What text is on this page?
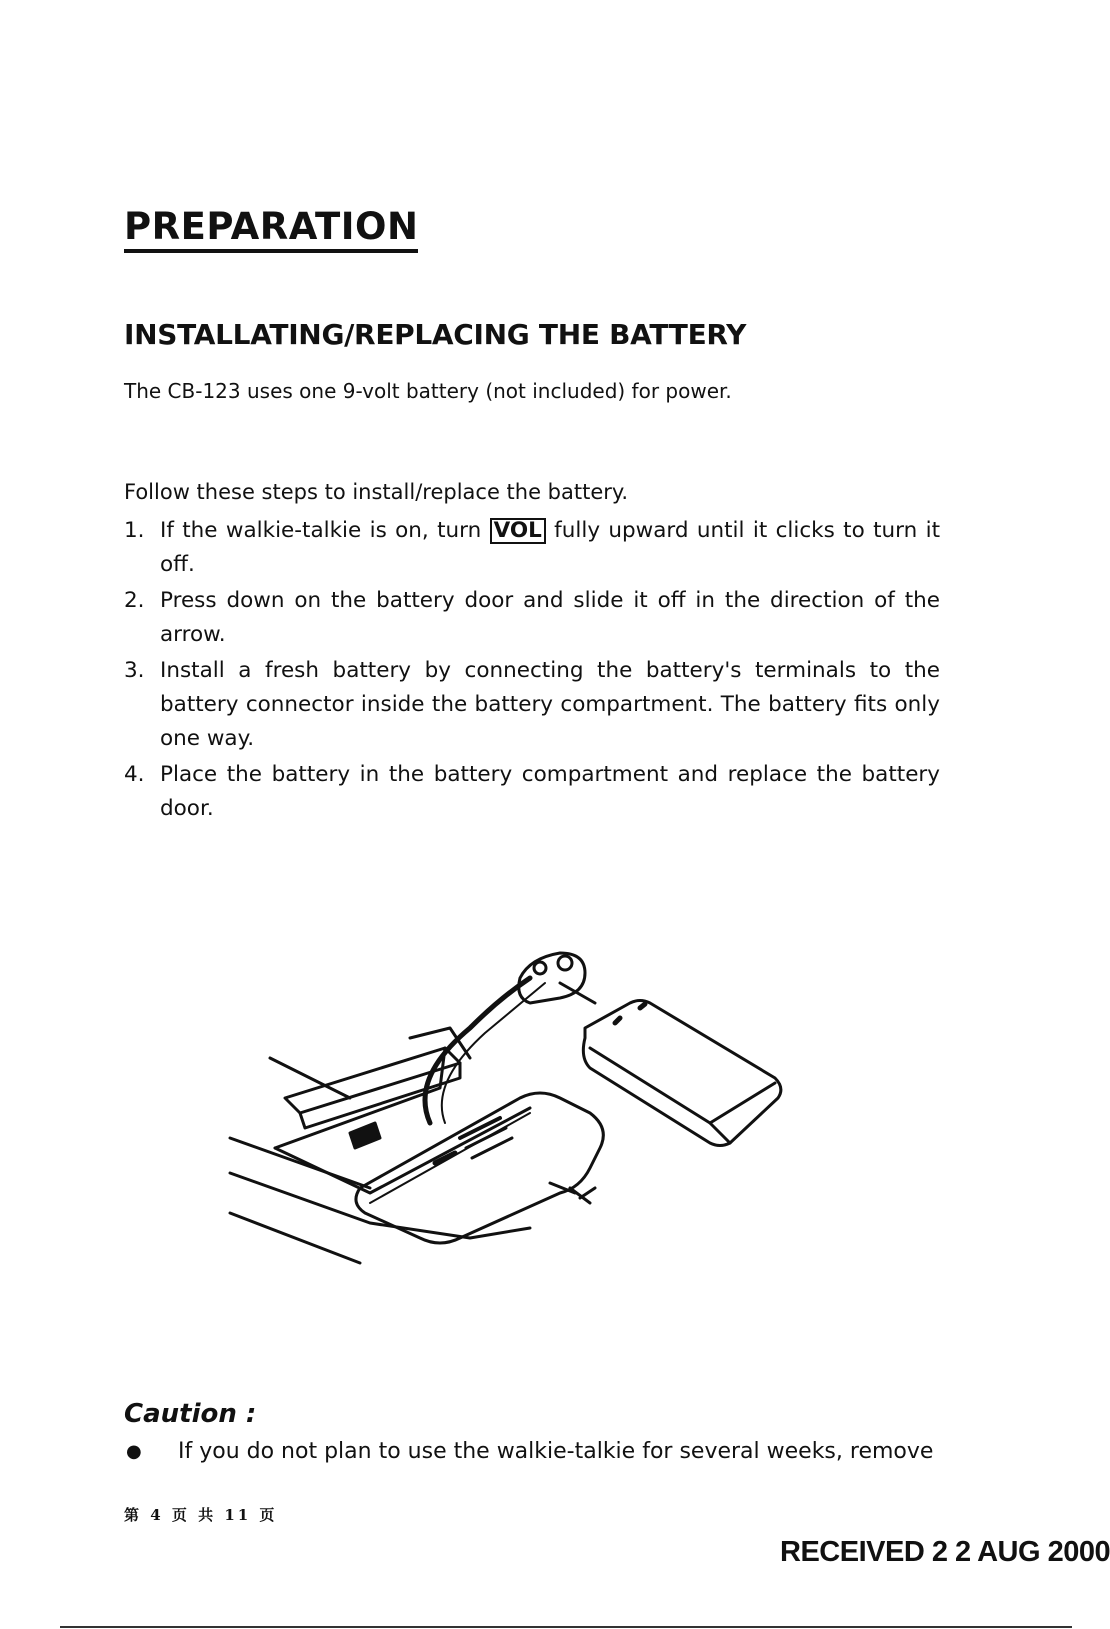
PREPARATION
INSTALLATING/REPLACING THE BATTERY
The CB-123 uses one 9-volt battery (not included) for power.
Follow these steps to install/replace the battery.
1. If the walkie-talkie is on, turn VOL fully upward until it clicks to turn it off.
2. Press down on the battery door and slide it off in the direction of the arrow.
3. Install a fresh battery by connecting the battery's terminals to the battery connector inside the battery compartment. The battery fits only one way.
4. Place the battery in the battery compartment and replace the battery door.
Caution :
●	If you do not plan to use the walkie-talkie for several weeks, remove
第 4 页 共 11 页
RECEIVED 2 2 AUG 2000
